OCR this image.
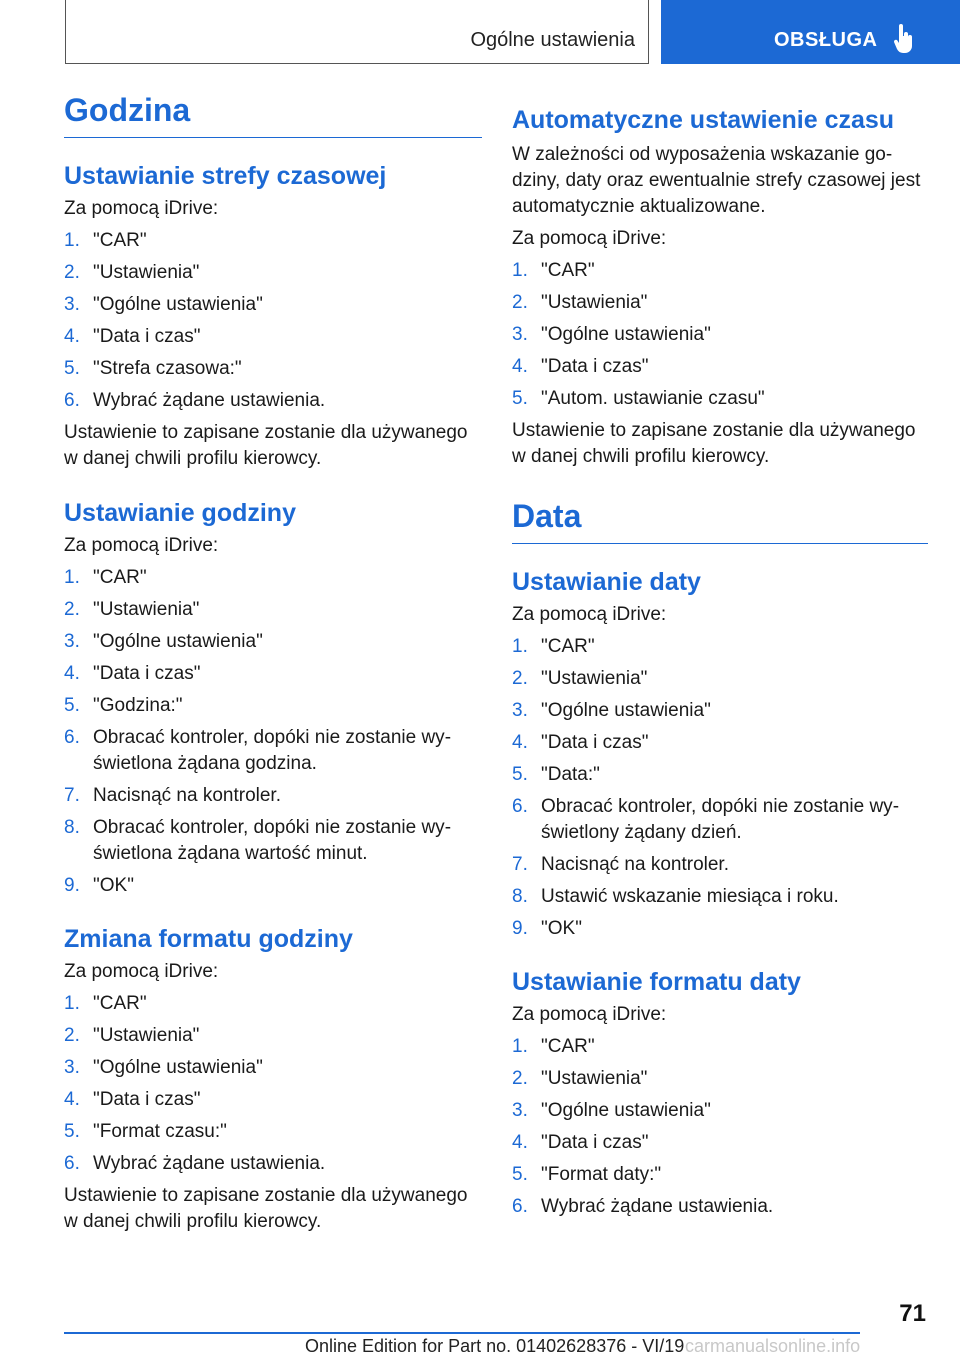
Ogólne ustawienia	OBSŁUGA
Godzina
Ustawianie strefy czasowej

Za pomocą iDrive:

1. "CAR"
2. "Ustawienia"
3. "Ogólne ustawienia"
4. "Data i czas"
5. "Strefa czasowa:"
6. Wybrać żądane ustawienia.

Ustawienie to zapisane zostanie dla używanego w danej chwili profilu kierowcy.

Ustawianie godziny

Za pomocą iDrive:

1. "CAR"
2. "Ustawienia"
3. "Ogólne ustawienia"
4. "Data i czas"
5. "Godzina:"
6. Obracać kontroler, dopóki nie zostanie wyświetlona żądana godzina.
7. Nacisnąć na kontroler.
8. Obracać kontroler, dopóki nie zostanie wyświetlona żądana wartość minut.
9. "OK"
Zmiana formatu godziny

Za pomocą iDrive:

1. "CAR"
2. "Ustawienia"
3. "Ogólne ustawienia"
4. "Data i czas"
5. "Format czasu:"
6. Wybrać żądane ustawienia.

Ustawienie to zapisane zostanie dla używanego w danej chwili profilu kierowcy.

Automatyczne ustawienie czasu

W zależności od wyposażenia wskazanie godziny, daty oraz ewentualnie strefy czasowej jest automatycznie aktualizowane.

Za pomocą iDrive:

1. "CAR"
2. "Ustawienia"
3. "Ogólne ustawienia"
4. "Data i czas"
5. "Autom. ustawianie czasu"

Ustawienie to zapisane zostanie dla używanego w danej chwili profilu kierowcy.

Data
Ustawianie daty

Za pomocą iDrive:

1. "CAR"
2. "Ustawienia"
3. "Ogólne ustawienia"
4. "Data i czas"
5. "Data:"
6. Obracać kontroler, dopóki nie zostanie wyświetlony żądany dzień.
7. Nacisnąć na kontroler.
8. Ustawić wskazanie miesiąca i roku.
9. "OK"
Ustawianie formatu daty

Za pomocą iDrive:

1. "CAR"
2. "Ustawienia"
3. "Ogólne ustawienia"
4. "Data i czas"
5. "Format daty:"
6. Wybrać żądane ustawienia.
71
Online Edition for Part no. 01402628376 - VI/19 carmanualsonline.info
